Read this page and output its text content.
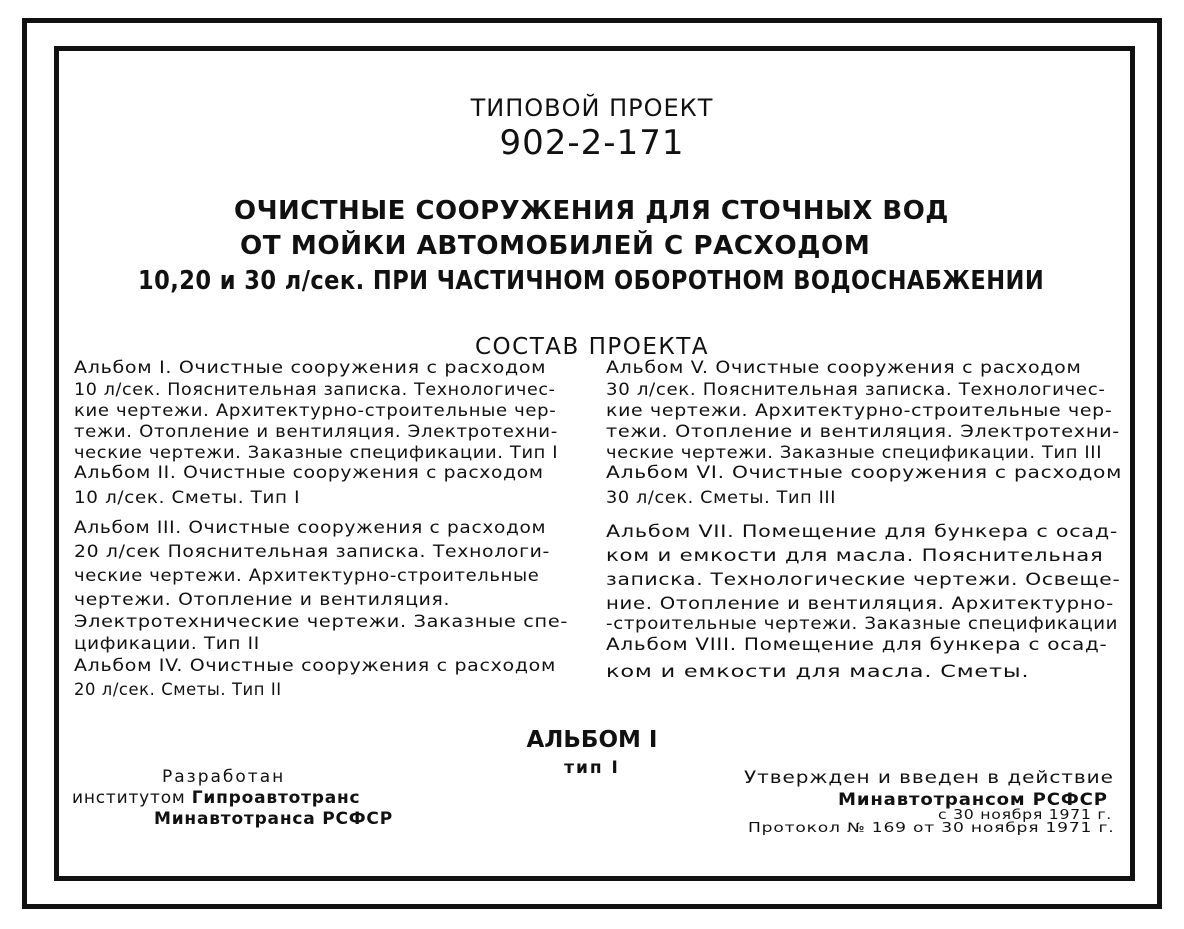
ТИПОВОЙ ПРОЕКТ
902-2-171
ОЧИСТНЫЕ СООРУЖЕНИЯ ДЛЯ СТОЧНЫХ ВОД
ОТ МОЙКИ АВТОМОБИЛЕЙ С РАСХОДОМ
10,20 и 30 л/сек. ПРИ ЧАСТИЧНОМ ОБОРОТНОМ ВОДОСНАБЖЕНИИ
СОСТАВ ПРОЕКТА
Альбом I. Очистные сооружения с расходом
10 л/сек. Пояснительная записка. Технологичес-
кие чертежи. Архитектурно-строительные чер-
тежи. Отопление и вентиляция. Электротехни-
ческие чертежи. Заказные спецификации. Тип I
Альбом II. Очистные сооружения с расходом
10 л/сек. Сметы. Тип I
Альбом III. Очистные сооружения с расходом
20 л/сек Пояснительная записка. Технологи-
ческие чертежи. Архитектурно-строительные
чертежи. Отопление и вентиляция.
Электротехнические чертежи. Заказные спе-
цификации. Тип II
Альбом IV. Очистные сооружения с расходом
20 л/сек. Сметы. Тип II
Альбом V. Очистные сооружения с расходом
30 л/сек. Пояснительная записка. Технологичес-
кие чертежи. Архитектурно-строительные чер-
тежи. Отопление и вентиляция. Электротехни-
ческие чертежи. Заказные спецификации. Тип III
Альбом VI. Очистные сооружения с расходом
30 л/сек. Сметы. Тип III
Альбом VII. Помещение для бункера с осад-
ком и емкости для масла. Пояснительная
записка. Технологические чертежи. Освеще-
ние. Отопление и вентиляция. Архитектурно-
-строительные чертежи. Заказные спецификации
Альбом VIII. Помещение для бункера с осад-
ком и емкости для масла. Сметы.
АЛЬБОМ I
тип I
Разработан
институтом Гипроавтотранс
Минавтотранса РСФСР
Утвержден и введен в действие
Минавтотрансом РСФСР
с 30 ноября 1971 г.
Протокол № 169 от 30 ноября 1971 г.
